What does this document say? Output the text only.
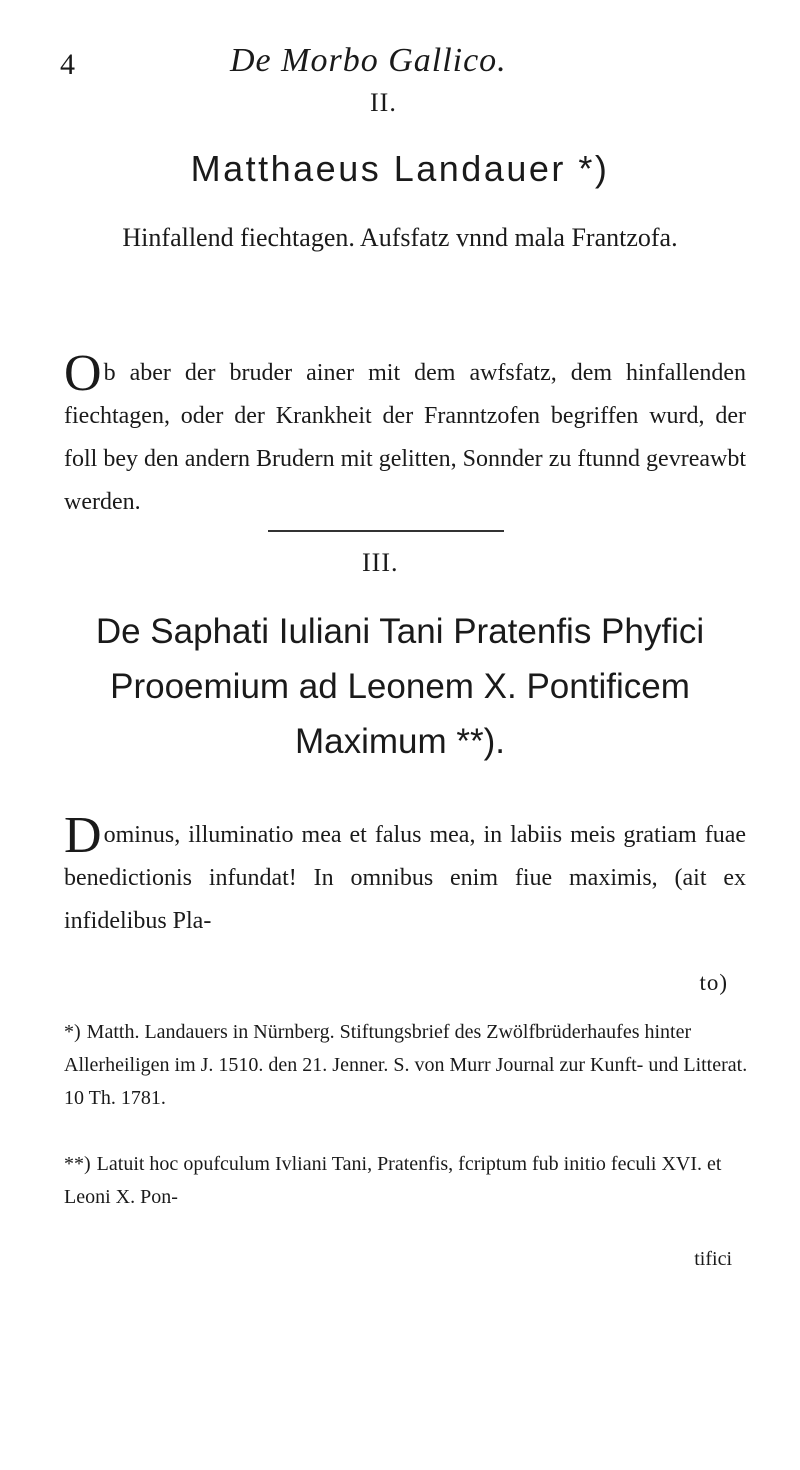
4	De Morbo Gallico.
II.
Matthaeus Landauer *)
Hinfallend fiechtagen. Aufsfatz vnnd mala Frantzofa.
Ob aber der bruder ainer mit dem awfsfatz, dem hinfallenden fiechtagen, oder der Krankheit der Franntzofen begriffen wurd, der foll bey den andern Brudern mit gelitten, Sonnder zu ftunnd gevreawbt werden.
III.
De Saphati Iuliani Tani Pratenfis Phyfici
Prooemium ad Leonem X. Pontificem
Maximum **).
Dominus, illuminatio mea et falus mea, in labiis meis gratiam fuae benedictionis infundat! In omnibus enim fiue maximis, (ait ex infidelibus Pla-
to)
*) Matth. Landauers in Nürnberg. Stiftungsbrief des Zwölfbrüderhaufes hinter Allerheiligen im J. 1510. den 21. Jenner. S. von Murr Journal zur Kunft- und Litterat. 10 Th. 1781.
**) Latuit hoc opufculum Ivliani Tani, Pratenfis, fcriptum fub initio feculi XVI. et Leoni X. Pon-
tifici
